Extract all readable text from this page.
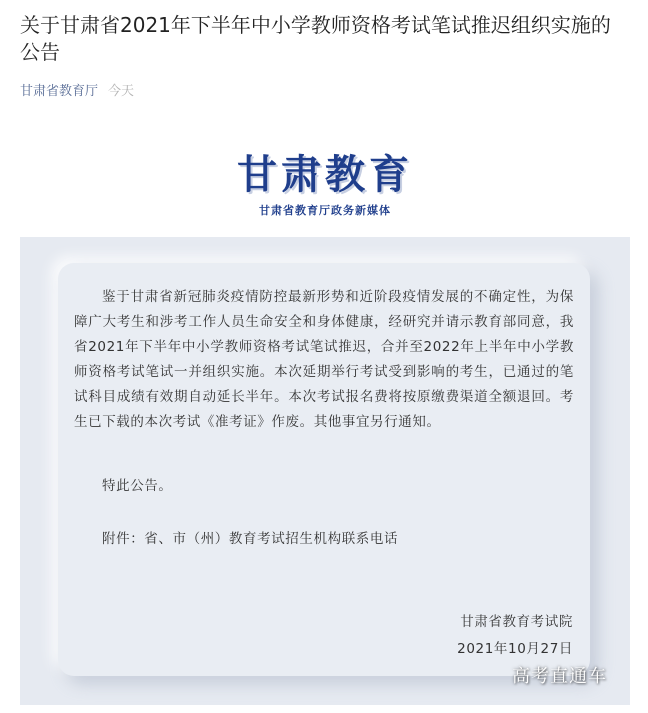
关于甘肃省2021年下半年中小学教师资格考试笔试推迟组织实施的公告
甘肃省教育厅 今天
甘肃教育
甘肃省教育厅政务新媒体

鉴于甘肃省新冠肺炎疫情防控最新形势和近阶段疫情发展的不确定性，为保障广大考生和涉考工作人员生命安全和身体健康，经研究并请示教育部同意，我省2021年下半年中小学教师资格考试笔试推迟，合并至2022年上半年中小学教师资格考试笔试一并组织实施。本次延期举行考试受到影响的考生，已通过的笔试科目成绩有效期自动延长半年。本次考试报名费将按原缴费渠道全额退回。考生已下载的本次考试《准考证》作废。其他事宜另行通知。

特此公告。

附件：省、市（州）教育考试招生机构联系电话

甘肃省教育考试院
2021年10月27日
高考直通车
